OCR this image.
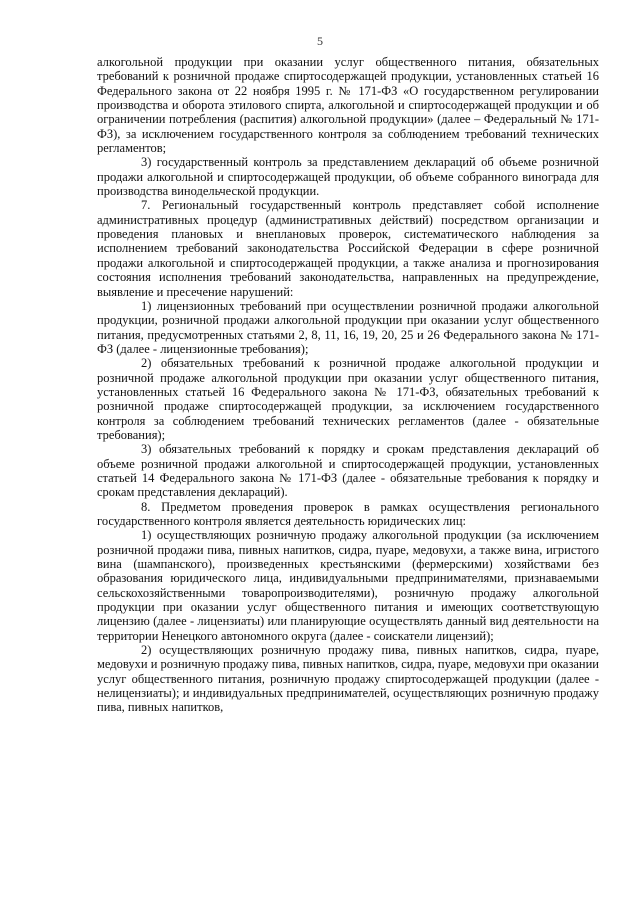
5

алкогольной продукции при оказании услуг общественного питания, обязательных требований к розничной продаже спиртосодержащей продукции, установленных статьей 16 Федерального закона от 22 ноября 1995 г. № 171-ФЗ «О государственном регулировании производства и оборота этилового спирта, алкогольной и спиртосодержащей продукции и об ограничении потребления (распития) алкогольной продукции» (далее – Федеральный № 171-ФЗ), за исключением государственного контроля за соблюдением требований технических регламентов;

3) государственный контроль за представлением деклараций об объеме розничной продажи алкогольной и спиртосодержащей продукции, об объеме собранного винограда для производства винодельческой продукции.

7. Региональный государственный контроль представляет собой исполнение административных процедур (административных действий) посредством организации и проведения плановых и внеплановых проверок, систематического наблюдения за исполнением требований законодательства Российской Федерации в сфере розничной продажи алкогольной и спиртосодержащей продукции, а также анализа и прогнозирования состояния исполнения требований законодательства, направленных на предупреждение, выявление и пресечение нарушений:

1) лицензионных требований при осуществлении розничной продажи алкогольной продукции, розничной продажи алкогольной продукции при оказании услуг общественного питания, предусмотренных статьями 2, 8, 11, 16, 19, 20, 25 и 26 Федерального закона № 171-ФЗ (далее - лицензионные требования);

2) обязательных требований к розничной продаже алкогольной продукции и розничной продаже алкогольной продукции при оказании услуг общественного питания, установленных статьей 16 Федерального закона № 171-ФЗ, обязательных требований к розничной продаже спиртосодержащей продукции, за исключением государственного контроля за соблюдением требований технических регламентов (далее - обязательные требования);

3) обязательных требований к порядку и срокам представления деклараций об объеме розничной продажи алкогольной и спиртосодержащей продукции, установленных статьей 14 Федерального закона № 171-ФЗ (далее - обязательные требования к порядку и срокам представления деклараций).

8. Предметом проведения проверок в рамках осуществления регионального государственного контроля является деятельность юридических лиц:

1) осуществляющих розничную продажу алкогольной продукции (за исключением розничной продажи пива, пивных напитков, сидра, пуаре, медовухи, а также вина, игристого вина (шампанского), произведенных крестьянскими (фермерскими) хозяйствами без образования юридического лица, индивидуальными предпринимателями, признаваемыми сельскохозяйственными товаропроизводителями), розничную продажу алкогольной продукции при оказании услуг общественного питания и имеющих соответствующую лицензию (далее - лицензиаты) или планирующие осуществлять данный вид деятельности на территории Ненецкого автономного округа (далее - соискатели лицензий);

2) осуществляющих розничную продажу пива, пивных напитков, сидра, пуаре, медовухи и розничную продажу пива, пивных напитков, сидра, пуаре, медовухи при оказании услуг общественного питания, розничную продажу спиртосодержащей продукции (далее - нелицензиаты); и индивидуальных предпринимателей, осуществляющих розничную продажу пива, пивных напитков,
